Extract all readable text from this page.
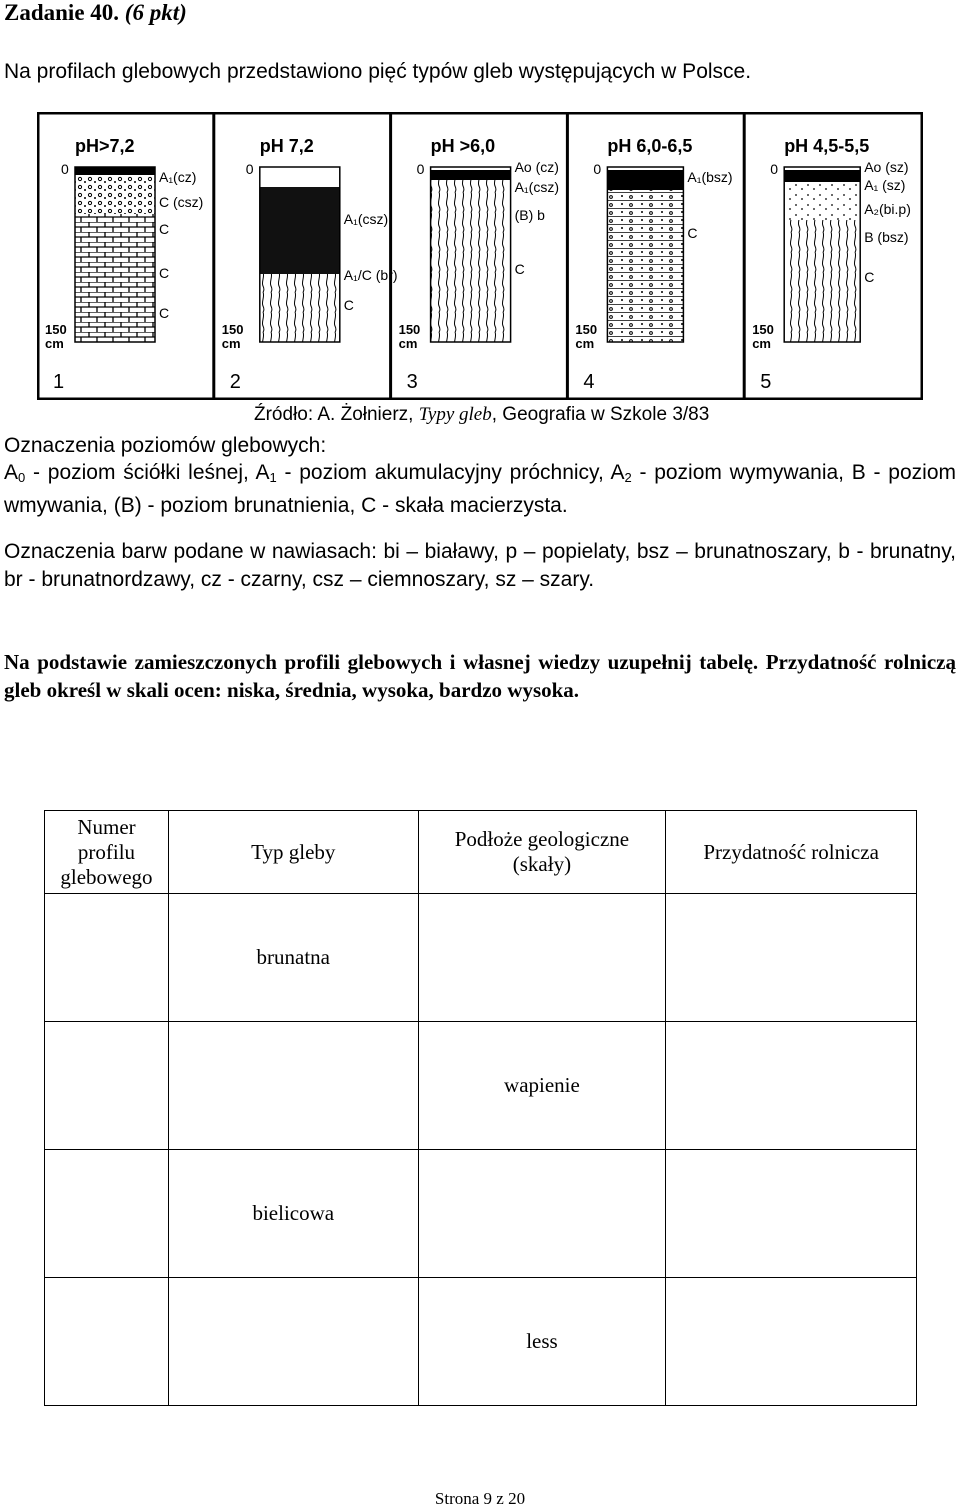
Zadanie 40. (6 pkt)
Na profilach glebowych przedstawiono pięć typów gleb występujących w Polsce.
pH>7,2
0
150
cm
A₁(cz)
C (csz)
C
C
C
1
pH 7,2
0
150
cm
A₁(csz)
A₁/C (br)
C
2
pH >6,0
0
150
cm
Ao (cz)
A₁(csz)
(B) b
C
3
pH 6,0-6,5
0
150
cm
A₁(bsz)
C
4
pH 4,5-5,5
0
150
cm
Ao (sz)
A₁ (sz)
A₂(bi.p)
B (bsz)
C
5
Źródło: A. Żołnierz, Typy gleb, Geografia w Szkole 3/83
Oznaczenia poziomów glebowych:
$A_0$ - poziom ściółki leśnej, $A_1$ - poziom akumulacyjny próchnicy, $A_2$ - poziom wymywania, B - poziom wmywania, (B) - poziom brunatnienia, C - skała macierzysta.
Oznaczenia barw podane w nawiasach: bi – białawy, p – popielaty, bsz – brunatnoszary, b - brunatny, br - brunatnordzawy, cz - czarny, csz – ciemnoszary, sz – szary.
Na podstawie zamieszczonych profili glebowych i własnej wiedzy uzupełnij tabelę. Przydatność rolniczą gleb określ w skali ocen: niska, średnia, wysoka, bardzo wysoka.
Numer profilu glebowego	Typ gleby	Podłoże geologiczne (skały)	Przydatność rolnicza
	brunatna		
		wapienie	
	bielicowa		
		less	
Strona 9 z 20
